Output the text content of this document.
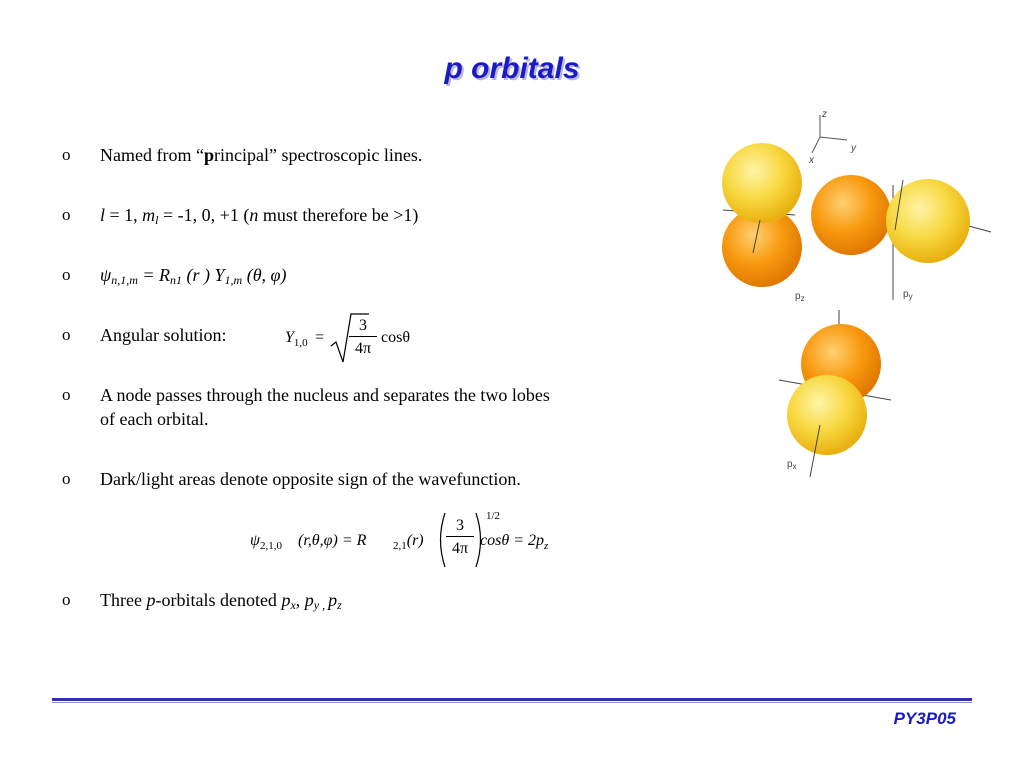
p orbitals
o Named from “principal” spectroscopic lines.
o l = 1, $m_l = -1$, 0, +1 (n must therefore be >1)
o $\psi_{n,1,m} = R_{n1}$ (r ) $Y_{1,m}$ (θ, φ)
o Angular solution:	$Y_{1,0}$ =
3
4π
cosθ
o A node passes through the nucleus and separates the two lobes
of each orbital.
o Dark/light areas denote opposite sign of the wavefunction.
$\psi_{2,1,0}$ (r,θ,φ) = R $_{2,1}$(r)
3
4π
1/2
$\cos\theta = 2p_z$
o Three p-orbitals denoted $p_x$, $p_{y ,}$ $p_z$
z
y
x
$p_z$	$p_y$
$p_x$
PY3P05
